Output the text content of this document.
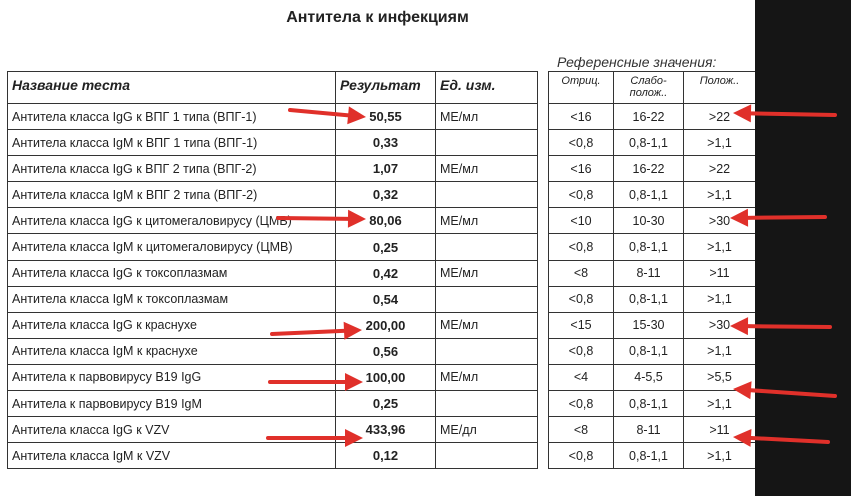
Антитела к инфекциям
Референсные значения:
Название теста	Результат	Ед. изм.		Отриц.	Слабо-полож..	Полож..
Антитела класса IgG к ВПГ 1 типа (ВПГ-1)	50,55	МЕ/мл		<16	16-22	>22
Антитела класса IgM к ВПГ 1 типа (ВПГ-1)	0,33			<0,8	0,8-1,1	>1,1
Антитела класса IgG к ВПГ 2 типа (ВПГ-2)	1,07	МЕ/мл		<16	16-22	>22
Антитела класса IgM к ВПГ 2 типа (ВПГ-2)	0,32			<0,8	0,8-1,1	>1,1
Антитела класса IgG к цитомегаловирусу (ЦМВ)	80,06	МЕ/мл		<10	10-30	>30
Антитела класса IgM к цитомегаловирусу (ЦМВ)	0,25			<0,8	0,8-1,1	>1,1
Антитела класса IgG к токсоплазмам	0,42	МЕ/мл		<8	8-11	>11
Антитела класса IgM к токсоплазмам	0,54			<0,8	0,8-1,1	>1,1
Антитела класса IgG к краснухе	200,00	МЕ/мл		<15	15-30	>30
Антитела класса IgM к краснухе	0,56			<0,8	0,8-1,1	>1,1
Антитела к парвовирусу В19 IgG	100,00	МЕ/мл		<4	4-5,5	>5,5
Антитела к парвовирусу В19 IgM	0,25			<0,8	0,8-1,1	>1,1
Антитела класса IgG к VZV	433,96	МЕ/дл		<8	8-11	>11
Антитела класса IgM к VZV	0,12			<0,8	0,8-1,1	>1,1
